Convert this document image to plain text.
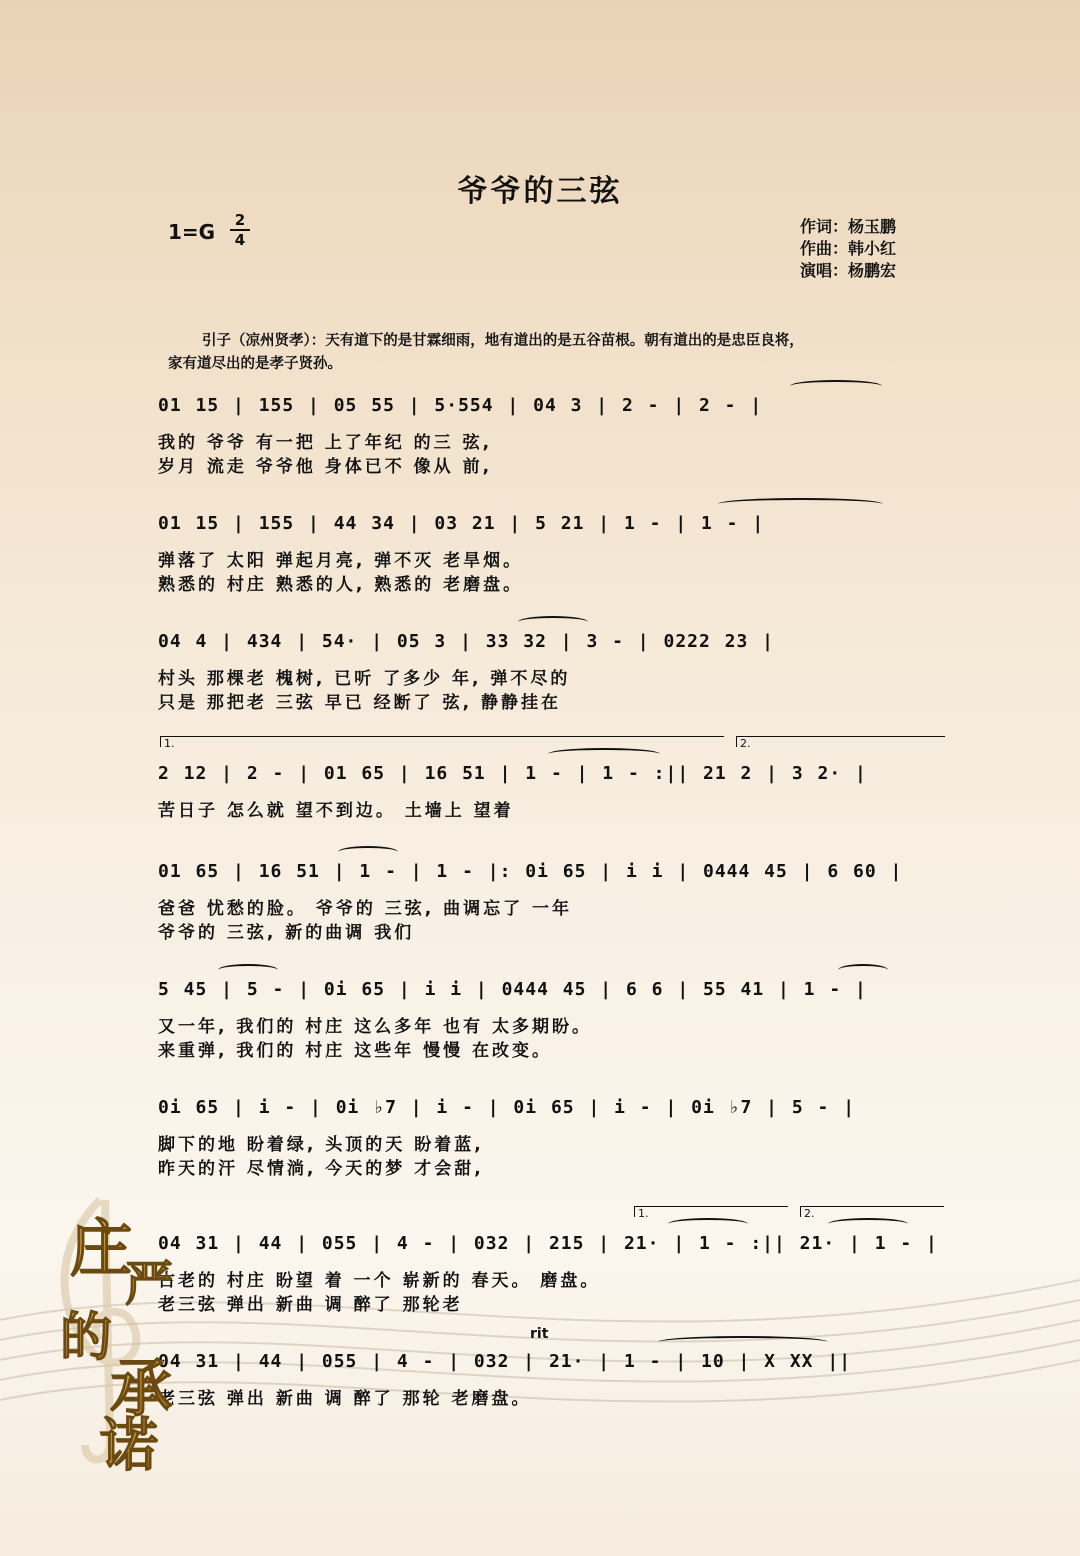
爷爷的三弦
1=G	2
4
作词：杨玉鹏
作曲：韩小红
演唱：杨鹏宏

引子（凉州贤孝）：天有道下的是甘霖细雨，地有道出的是五谷苗根。朝有道出的是忠臣良将，

家有道尽出的是孝子贤孙。

01 15 | 155 | 05 55 | 5·554 | 04 3 | 2 - | 2 - |
我的 爷爷 有一把 上了年纪 的三 弦,
岁月 流走 爷爷他 身体已不 像从 前,
01 15 | 155 | 44 34 | 03 21 | 5 21 | 1 - | 1 - |
弹落了 太阳 弹起月亮, 弹不灭 老旱烟。
熟悉的 村庄 熟悉的人, 熟悉的 老磨盘。
04 4 | 434 | 54· | 05 3 | 33 32 | 3 - | 0222 23 |
村头 那棵老 槐树, 已听 了多少 年, 弹不尽的
只是 那把老 三弦 早已 经断了 弦, 静静挂在
1.	2.
2 12 | 2 - | 01 65 | 16 51 | 1 - | 1 - :|| 21 2 | 3 2· |
苦日子 怎么就 望不到边。 土墙上 望着
01 65 | 16 51 | 1 - | 1 - |: 0i 65 | i i | 0444 45 | 6 60 |
爸爸 忧愁的脸。 爷爷的 三弦, 曲调忘了 一年
爷爷的 三弦, 新的曲调 我们
5 45 | 5 - | 0i 65 | i i | 0444 45 | 6 6 | 55 41 | 1 - |
又一年, 我们的 村庄 这么多年 也有 太多期盼。
来重弹, 我们的 村庄 这些年 慢慢 在改变。
0i 65 | i - | 0i ♭7 | i - | 0i 65 | i - | 0i ♭7 | 5 - |
脚下的地 盼着绿, 头顶的天 盼着蓝,
昨天的汗 尽情淌, 今天的梦 才会甜,
1.	2.
04 31 | 44 | 055 | 4 - | 032 | 215 | 21· | 1 - :|| 21· | 1 - |
古老的 村庄 盼望 着 一个 崭新的 春天。 磨盘。
老三弦 弹出 新曲 调 醉了 那轮老
rit
04 31 | 44 | 055 | 4 - | 032 | 21· | 1 - | 10 | X XX ||
老三弦 弹出 新曲 调 醉了 那轮 老磨盘。
庄
严
的
承
诺
